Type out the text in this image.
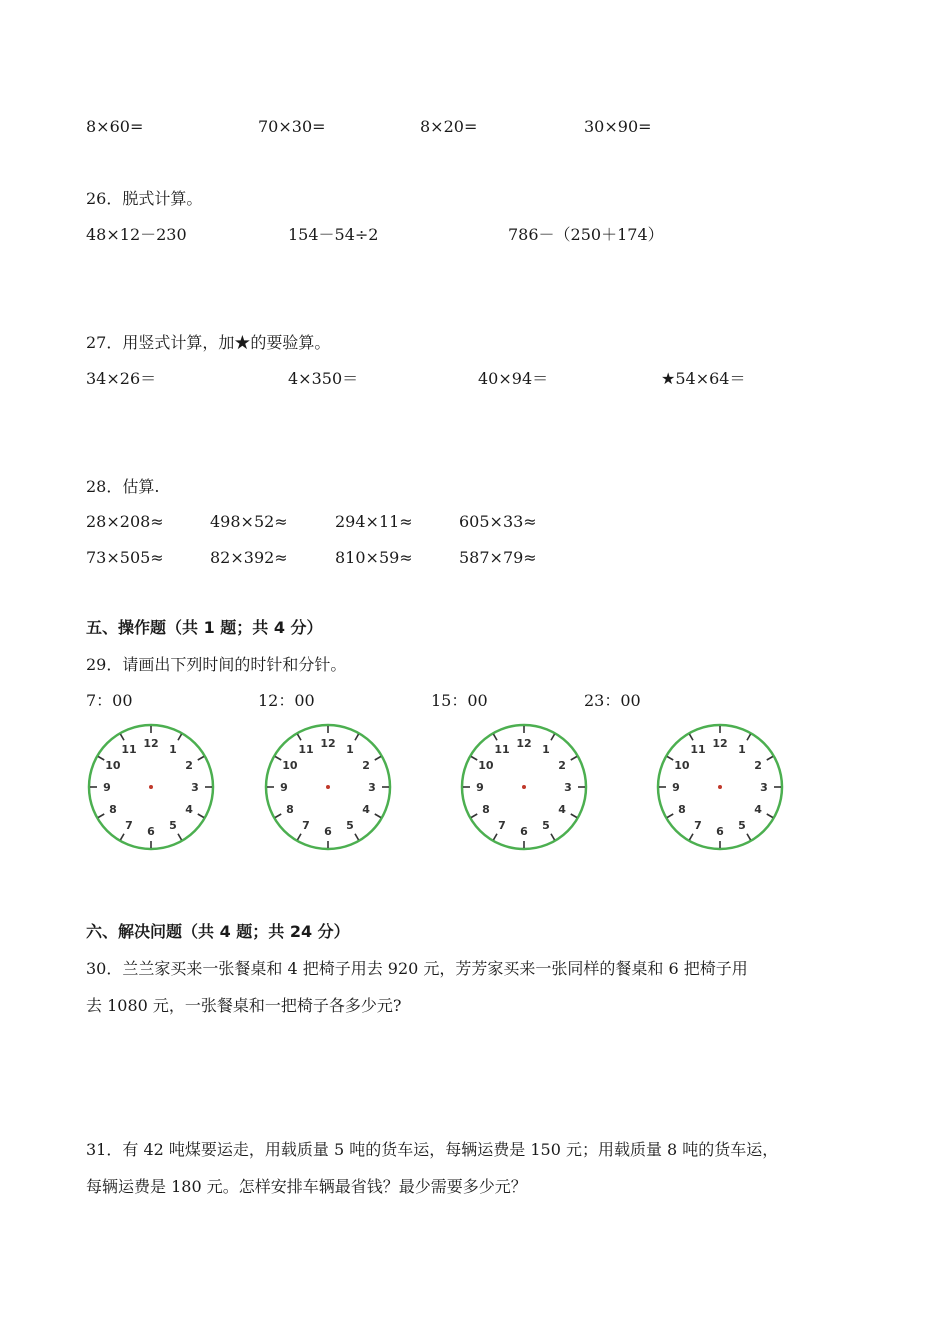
8×60=	70×30=	8×20=	30×90=
26．脱式计算。
48×12－230	154－54÷2	786－（250＋174）
27．用竖式计算，加★的要验算。
34×26＝	4×350＝	40×94＝	★54×64＝
28．估算.
28×208≈	498×52≈	294×11≈	605×33≈
73×505≈	82×392≈	810×59≈	587×79≈
五、操作题（共 1 题；共 4 分）
29．请画出下列时间的时针和分针。
7：00	12：00	15：00	23：00
12 1
2
3
4
5
6
7
8
9
10
11	12 1
2
3
4
5
6
7
8
9
10
11	12 1
2
3
4
5
6
7
8
9
10
11	12 1
2
3
4
5
6
7
8
9
10
11
六、解决问题（共 4 题；共 24 分）
30．兰兰家买来一张餐桌和 4 把椅子用去 920 元，芳芳家买来一张同样的餐桌和 6 把椅子用
去 1080 元，一张餐桌和一把椅子各多少元?
31．有 42 吨煤要运走，用载质量 5 吨的货车运，每辆运费是 150 元；用载质量 8 吨的货车运，
每辆运费是 180 元。怎样安排车辆最省钱？最少需要多少元？
